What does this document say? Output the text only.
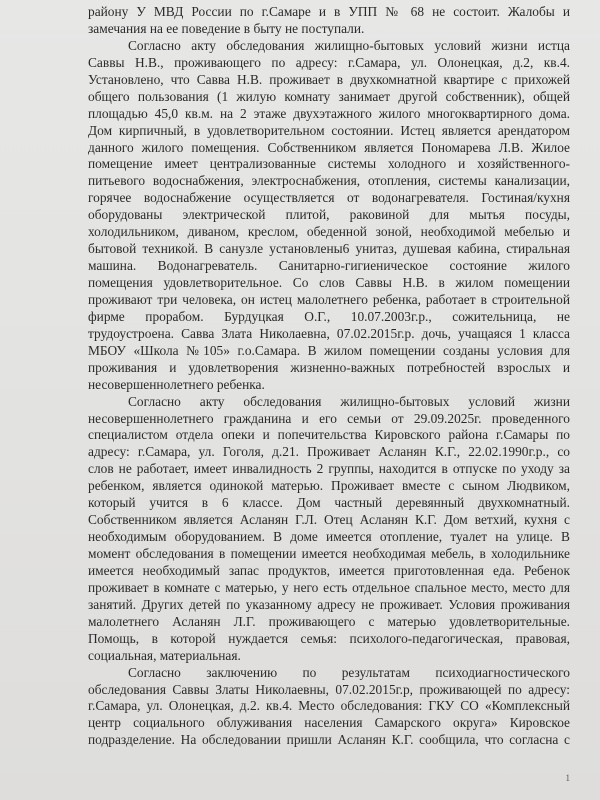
району У МВД России по г.Самаре и в УПП № 68 не состоит. Жалобы и
замечания на ее поведение в быту не поступали.
Согласно акту обследования жилищно-бытовых условий жизни истца
Саввы Н.В., проживающего по адресу: г.Самара, ул. Олонецкая, д.2, кв.4.
Установлено, что Савва Н.В. проживает в двухкомнатной квартире с прихожей
общего пользования (1 жилую комнату занимает другой собственник), общей
площадью 45,0 кв.м. на 2 этаже двухэтажного жилого многоквартирного дома.
Дом кирпичный, в удовлетворительном состоянии. Истец является арендатором
данного жилого помещения. Собственником является Пономарева Л.В. Жилое
помещение имеет централизованные системы холодного и хозяйственного-
питьевого водоснабжения, электроснабжения, отопления, системы канализации,
горячее водоснабжение осуществляется от водонагревателя. Гостиная/кухня
оборудованы электрической плитой, раковиной для мытья посуды,
холодильником, диваном, креслом, обеденной зоной, необходимой мебелью и
бытовой техникой. В санузле установлены6 унитаз, душевая кабина, стиральная
машина. Водонагреватель. Санитарно-гигиеническое состояние жилого
помещения удовлетворительное. Со слов Саввы Н.В. в жилом помещении
проживают три человека, он истец малолетнего ребенка, работает в строительной
фирме прорабом. Бурдуцкая О.Г., 10.07.2003г.р., сожительница, не
трудоустроена. Савва Злата Николаевна, 07.02.2015г.р. дочь, учащаяся 1 класса
МБОУ «Школа №105» г.о.Самара. В жилом помещении созданы условия для
проживания и удовлетворения жизненно-важных потребностей взрослых и
несовершеннолетнего ребенка.
Согласно акту обследования жилищно-бытовых условий жизни
несовершеннолетнего гражданина и его семьи от 29.09.2025г. проведенного
специалистом отдела опеки и попечительства Кировского района г.Самары по
адресу: г.Самара, ул. Гоголя, д.21. Проживает Асланян К.Г., 22.02.1990г.р., со
слов не работает, имеет инвалидность 2 группы, находится в отпуске по уходу за
ребенком, является одинокой матерью. Проживает вместе с сыном Людвиком,
который учится в 6 классе. Дом частный деревянный двухкомнатный.
Собственником является Асланян Г.Л. Отец Асланян К.Г. Дом ветхий, кухня с
необходимым оборудованием. В доме имеется отопление, туалет на улице. В
момент обследования в помещении имеется необходимая мебель, в холодильнике
имеется необходимый запас продуктов, имеется приготовленная еда. Ребенок
проживает в комнате с матерью, у него есть отдельное спальное место, место для
занятий. Других детей по указанному адресу не проживает. Условия проживания
малолетнего Асланян Л.Г. проживающего с матерью удовлетворительные.
Помощь, в которой нуждается семья: психолого-педагогическая, правовая,
социальная, материальная.
Согласно заключению по результатам психодиагностического
обследования Саввы Златы Николаевны, 07.02.2015г.р, проживающей по адресу:
г.Самара, ул. Олонецкая, д.2. кв.4. Место обследования: ГКУ СО «Комплексный
центр социального облуживания населения Самарского округа» Кировское
подразделение. На обследовании пришли Асланян К.Г. сообщила, что согласна с
1
